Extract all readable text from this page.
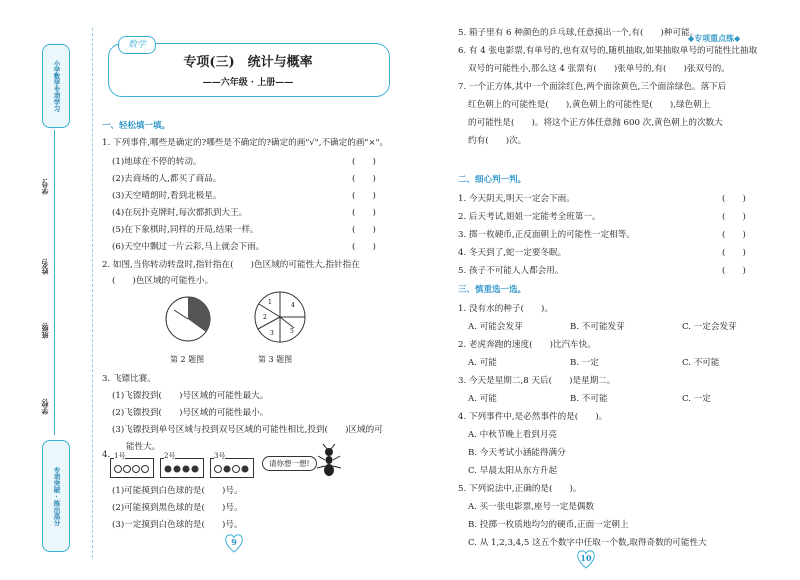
小学数学专项学习
专项突破 · 练出高分
学号:
姓名:
班级:
学校:
◆专项重点练◆
数学
专项(三)　统计与概率
——六年级 · 上册——
一、轻松填一填。
1. 下列事件,哪些是确定的?哪些是不确定的?确定的画"√",不确定的画"×"。
(1)地球在不停的转动。	(　　)
(2)去商场的人,都买了商品。	(　　)
(3)天空晴朗时,看到北极星。	(　　)
(4)在玩扑克牌时,每次都抓到大王。	(　　)
(5)在下象棋时,同样的开局,结果一样。	(　　)
(6)天空中飘过一片云彩,马上就会下雨。	(　　)
2. 如图,当你转动转盘时,指针指在(　　)色区域的可能性大,指针指在
(　　)色区域的可能性小。
1
2
3	5
4
第 2 题图	第 3 题图
3. 飞镖比赛。
(1)飞镖投到(　　)号区域的可能性最大。
(2)飞镖投到(　　)号区域的可能性最小。
(3)飞镖投到单号区域与投到双号区域的可能性相比,投到(　　)区域的可
能性大。
4. 1号	2号	3号
请你想一想!
(1)可能摸到白色球的是(　　)号。
(2)可能摸到黑色球的是(　　)号。
(3)一定摸到白色球的是(　　)号。
9
5. 箱子里有 6 种颜色的乒乓球,任意摸出一个,有(　　)种可能。
6. 有 4 张电影票,有单号的,也有双号的,随机抽取,如果抽取单号的可能性比抽取
双号的可能性小,那么这 4 张票有(　　)张单号的,有(　　)张双号的。
7. 一个正方体,其中一个面涂红色,两个面涂黄色,三个面涂绿色。落下后
红色朝上的可能性是(　　),黄色朝上的可能性是(　　),绿色朝上
的可能性是(　　)。将这个正方体任意抛 600 次,黄色朝上的次数大
约有(　　)次。
二、细心判一判。
1. 今天阴天,明天一定会下雨。	(　　)
2. 后天考试,姐姐一定能考全班第一。	(　　)
3. 掷一枚硬币,正反面朝上的可能性一定相等。	(　　)
4. 冬天到了,蛇一定要冬眠。	(　　)
5. 孩子不可能人人都会用。	(　　)
三、慎重选一选。
1. 没有水的种子(　　)。
A. 可能会发芽	B. 不可能发芽	C. 一定会发芽
2. 老虎奔跑的速度(　　)比汽车快。
A. 可能	B. 一定	C. 不可能
3. 今天是星期二,8 天后(　　)是星期二。
A. 可能	B. 不可能	C. 一定
4. 下列事件中,是必然事件的是(　　)。
A. 中秋节晚上看到月亮
B. 今天考试小涵能得满分
C. 早晨太阳从东方升起
5. 下列说法中,正确的是(　　)。
A. 买一张电影票,座号一定是偶数
B. 投掷一枚质地均匀的硬币,正面一定朝上
C. 从 1,2,3,4,5 这五个数字中任取一个数,取得奇数的可能性大
10
